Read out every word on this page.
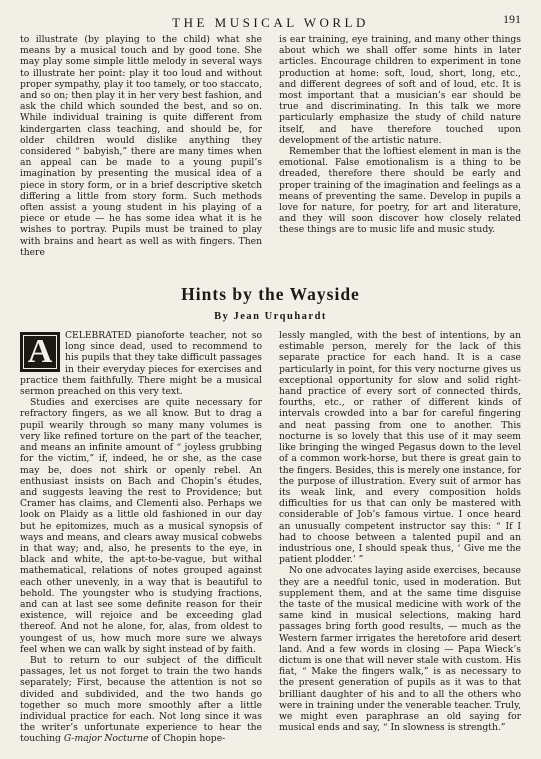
THE MUSICAL WORLD	191

to illustrate (by playing to the child) what she means by a musical touch and by good tone. She may play some simple little melody in several ways to illustrate her point: play it too loud and without proper sympathy, play it too tamely, or too staccato, and so on; then play it in her very best fashion, and ask the child which sounded the best, and so on. While individual training is quite different from kindergarten class teaching, and should be, for older children would dislike anything they considered “ babyish,” there are many times when an appeal can be made to a young pupil’s imagination by presenting the musical idea of a piece in story form, or in a brief descriptive sketch differing a little from story form. Such methods often assist a young student in his playing of a piece or etude — he has some idea what it is he wishes to portray. Pupils must be trained to play with brains and heart as well as with fingers. Then there

is ear training, eye training, and many other things about which we shall offer some hints in later articles. Encourage children to experiment in tone production at home: soft, loud, short, long, etc., and different degrees of soft and of loud, etc. It is most important that a musician’s ear should be true and discriminating. In this talk we more particularly emphasize the study of child nature itself, and have therefore touched upon development of the artistic nature.

Remember that the loftiest element in man is the emotional. False emotionalism is a thing to be dreaded, therefore there should be early and proper training of the imagination and feelings as a means of preventing the same. Develop in pupils a love for nature, for poetry, for art and literature, and they will soon discover how closely related these things are to music life and music study.

Hints by the Wayside
By Jean Urquhardt

A	CELEBRATED pianoforte teacher, not so long since dead, used to recommend to his pupils that they take difficult passages in their everyday pieces for exercises and practice them faithfully. There might be a musical sermon preached on this very text.

Studies and exercises are quite necessary for refractory fingers, as we all know. But to drag a pupil wearily through so many many volumes is very like refined torture on the part of the teacher, and means an infinite amount of “ joyless grubbing for the victim,” if, indeed, he or she, as the case may be, does not shirk or openly rebel. An enthusiast insists on Bach and Chopin’s études, and suggests leaving the rest to Providence; but Cramer has claims, and Clementi also. Perhaps we look on Plaidy as a little old fashioned in our day but he epitomizes, much as a musical synopsis of ways and means, and clears away musical cobwebs in that way; and, also, he presents to the eye, in black and white, the apt-to-be-vague, but withal mathematical, relations of notes grouped against each other unevenly, in a way that is beautiful to behold. The youngster who is studying fractions, and can at last see some definite reason for their existence, will rejoice and be exceeding glad thereof. And not he alone, for, alas, from oldest to youngest of us, how much more sure we always feel when we can walk by sight instead of by faith.

But to return to our subject of the difficult passages, let us not forget to train the two hands separately; First, because the attention is not so divided and subdivided, and the two hands go together so much more smoothly after a little individual practice for each. Not long since it was the writer’s unfortunate experience to hear the touching G-major Nocturne of Chopin hope-

lessly mangled, with the best of intentions, by an estimable person, merely for the lack of this separate practice for each hand. It is a case particularly in point, for this very nocturne gives us exceptional opportunity for slow and solid right-hand practice of every sort of connected thirds, fourths, etc., or rather of different kinds of intervals crowded into a bar for careful fingering and neat passing from one to another. This nocturne is so lovely that this use of it may seem like bringing the winged Pegasus down to the level of a common work-horse, but there is great gain to the fingers. Besides, this is merely one instance, for the purpose of illustration. Every suit of armor has its weak link, and every composition holds difficulties for us that can only be mastered with considerable of Job’s famous virtue. I once heard an unusually competent instructor say this: “ If I had to choose between a talented pupil and an industrious one, I should speak thus, ‘ Give me the patient plodder.’ ”

No one advocates laying aside exercises, because they are a needful tonic, used in moderation. But supplement them, and at the same time disguise the taste of the musical medicine with work of the same kind in musical selections, making hard passages bring forth good results, — much as the Western farmer irrigates the heretofore arid desert land. And a few words in closing — Papa Wieck’s dictum is one that will never stale with custom. His fiat, “ Make the fingers walk,” is as necessary to the present generation of pupils as it was to that brilliant daughter of his and to all the others who were in training under the venerable teacher. Truly, we might even paraphrase an old saying for musical ends and say, “ In slowness is strength.”
